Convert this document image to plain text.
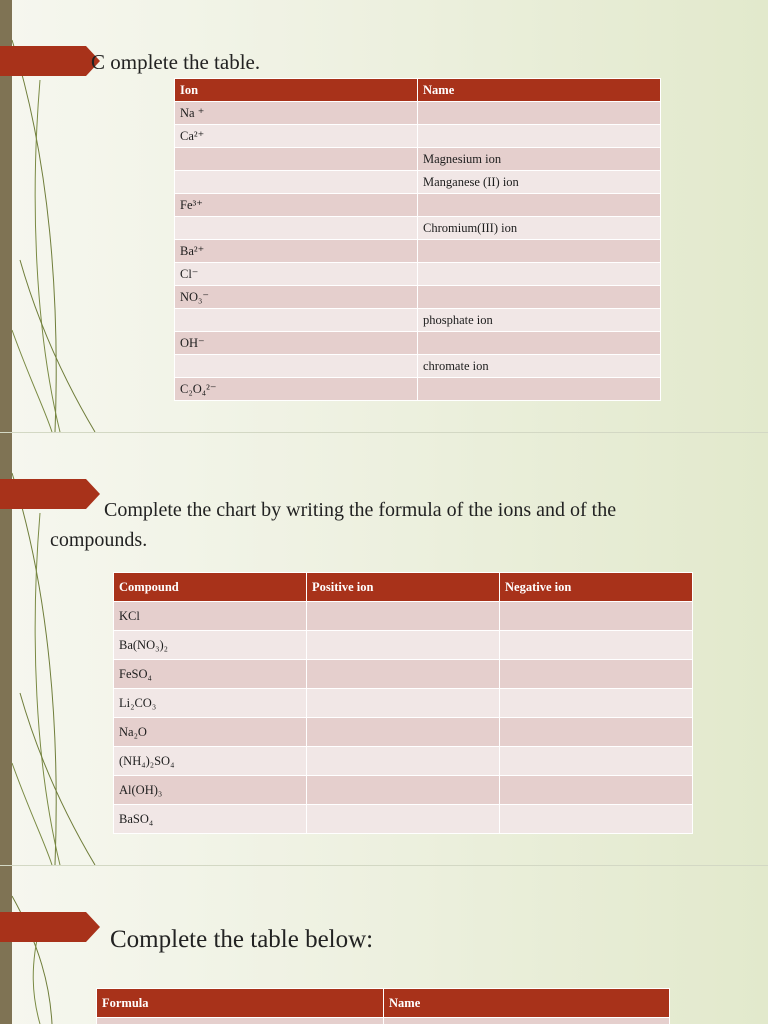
C omplete the table.
Ion	Name
Na ⁺	
Ca²⁺	
	Magnesium ion
	Manganese (II) ion
Fe³⁺	
	Chromium(III) ion
Ba²⁺	
Cl⁻	
NO₃⁻	
	phosphate ion
OH⁻	
	chromate ion
C₂O₄²⁻	
Complete the chart by writing the formula of the ions and of the
compounds.
Compound	Positive ion	Negative ion
KCl		
Ba(NO₃)₂		
FeSO₄		
Li₂CO₃		
Na₂O		
(NH₄)₂SO₄		
Al(OH)₃		
BaSO₄		
Complete the table below:
Formula	Name
